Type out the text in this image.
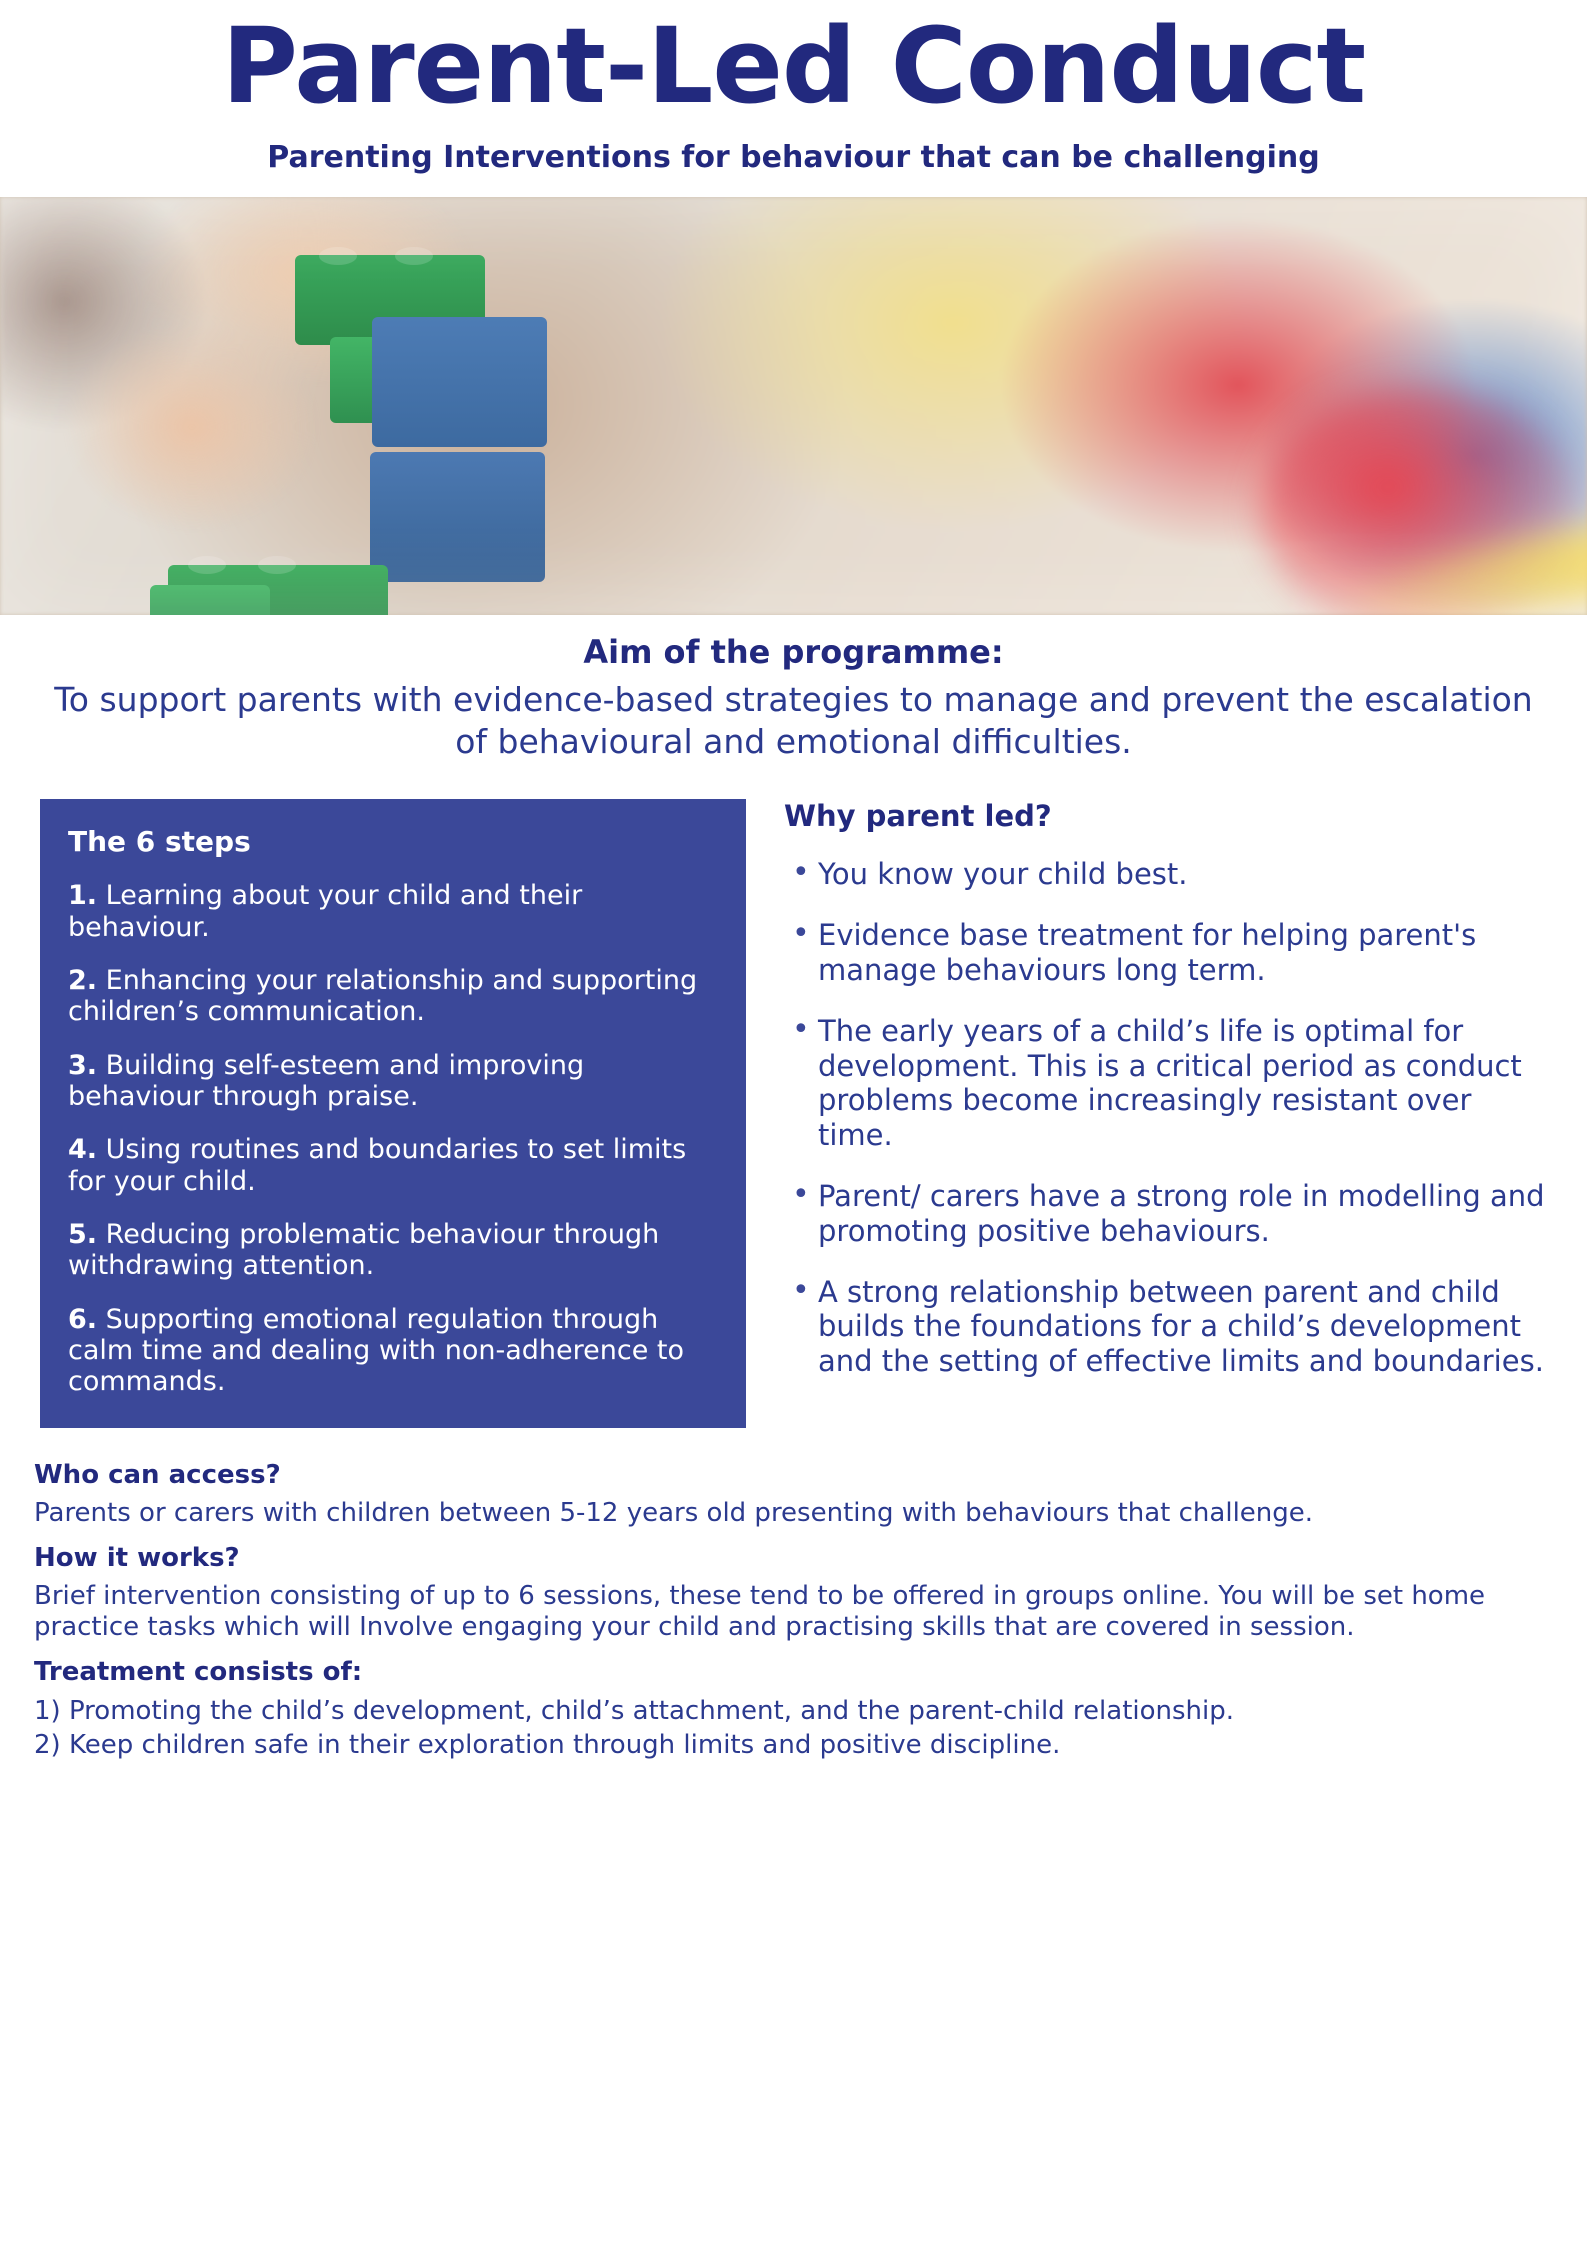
Parent-Led Conduct
Parenting Interventions for behaviour that can be challenging
Aim of the programme:
To support parents with evidence-based strategies to manage and prevent the escalation of behavioural and emotional difficulties.
The 6 steps
1. Learning about your child and their behaviour.
2. Enhancing your relationship and supporting children’s communication.
3. Building self-esteem and improving behaviour through praise.
4. Using routines and boundaries to set limits for your child.
5. Reducing problematic behaviour through withdrawing attention.
6. Supporting emotional regulation through calm time and dealing with non-adherence to commands.
Why parent led?
• You know your child best.
• Evidence base treatment for helping parent's manage behaviours long term.
• The early years of a child’s life is optimal for development. This is a critical period as conduct problems become increasingly resistant over time.
• Parent/ carers have a strong role in modelling and promoting positive behaviours.
• A strong relationship between parent and child builds the foundations for a child’s development and the setting of effective limits and boundaries.
Who can access?
Parents or carers with children between 5-12 years old presenting with behaviours that challenge.
How it works?
Brief intervention consisting of up to 6 sessions, these tend to be offered in groups online. You will be set home practice tasks which will Involve engaging your child and practising skills that are covered in session.
Treatment consists of:
1) Promoting the child’s development, child’s attachment, and the parent-child relationship.
2) Keep children safe in their exploration through limits and positive discipline.
